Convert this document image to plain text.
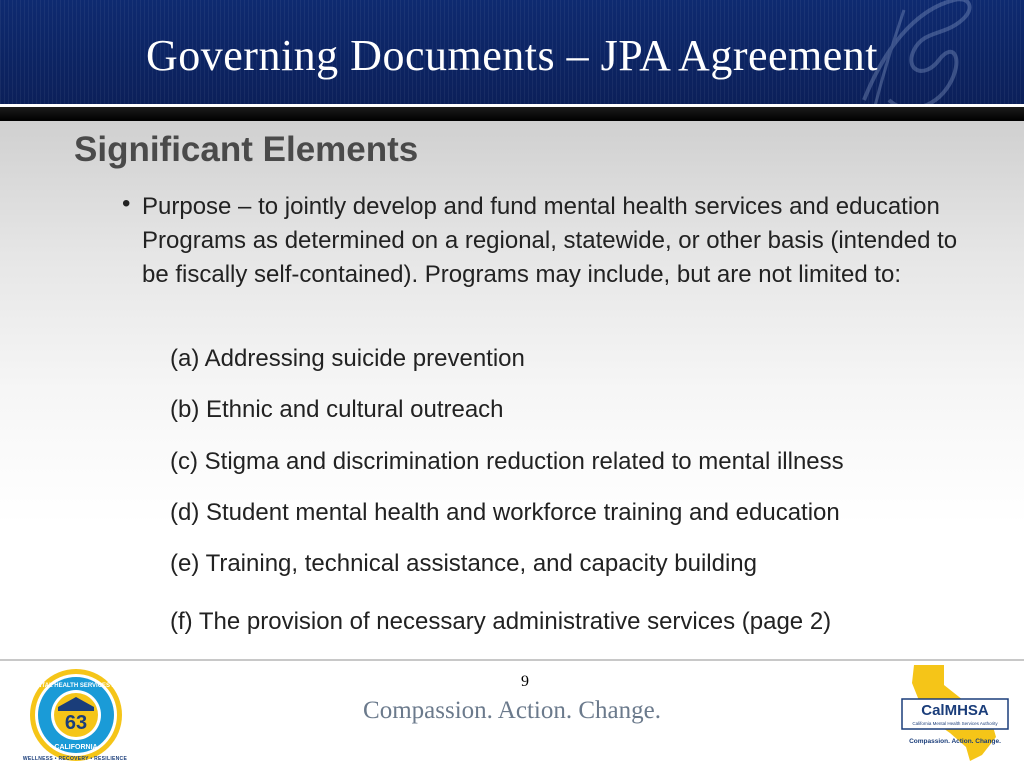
Governing Documents – JPA Agreement
Significant Elements
• Purpose – to jointly develop and fund mental health services and education Programs as determined on a regional, statewide, or other basis (intended to be fiscally self-contained). Programs may include, but are not limited to:
(a) Addressing suicide prevention
(b) Ethnic and cultural outreach
(c) Stigma and discrimination reduction related to mental illness
(d) Student mental health and workforce training and education
(e) Training, technical assistance, and capacity building
(f) The provision of necessary administrative services (page 2)
9
Compassion. Action. Change.
63
MENTAL HEALTH SERVICES ACT
CALIFORNIA
WELLNESS • RECOVERY • RESILIENCE
CalMHSA
California Mental Health Services Authority
Compassion. Action. Change.
